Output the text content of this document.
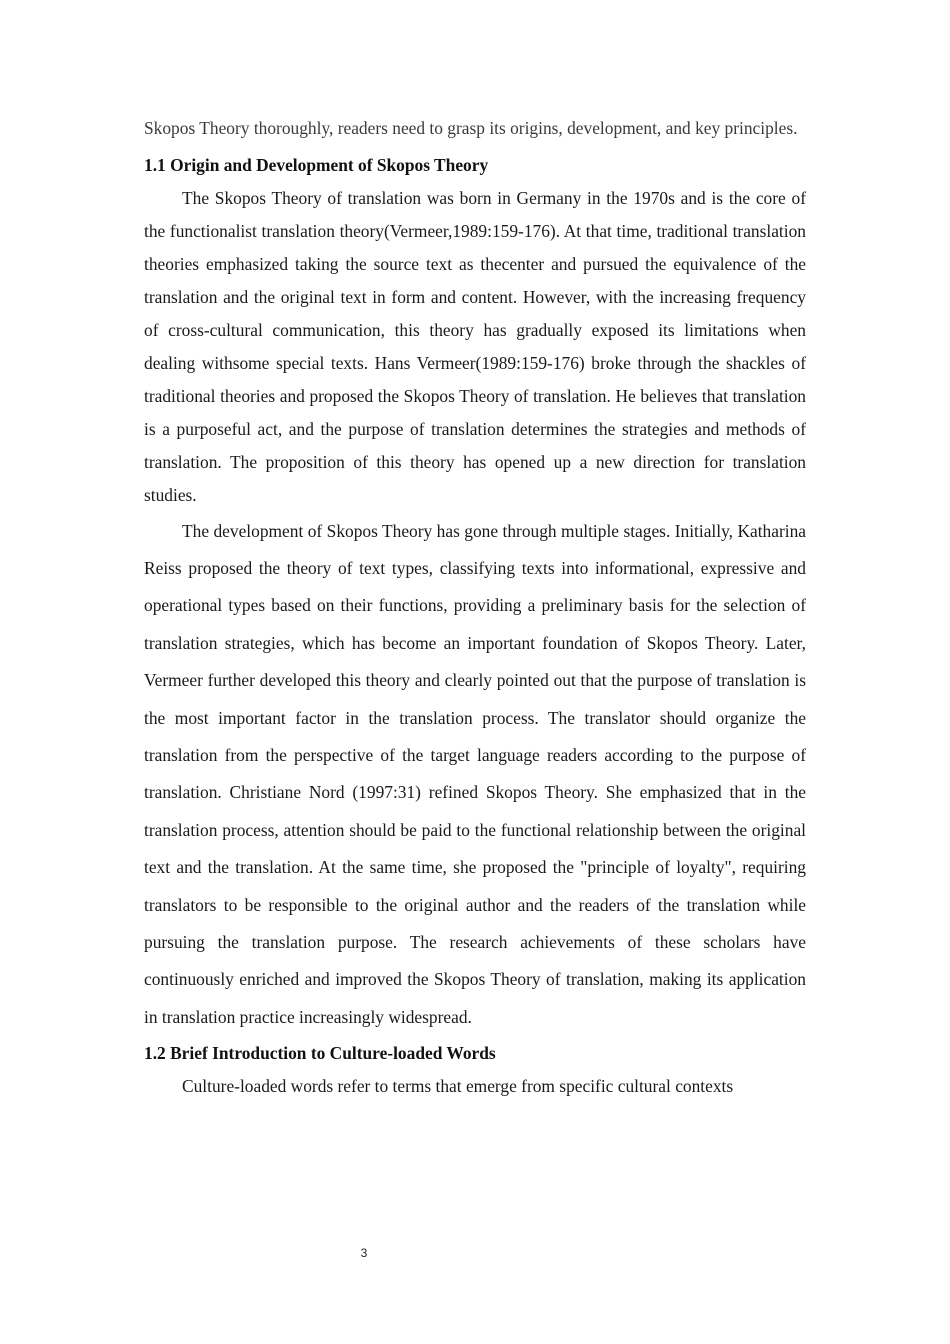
Skopos Theory thoroughly, readers need to grasp its origins, development, and key principles.

1.1 Origin and Development of Skopos Theory

The Skopos Theory of translation was born in Germany in the 1970s and is the core of the functionalist translation theory(Vermeer,1989:159-176). At that time, traditional translation theories emphasized taking the source text as thecenter and pursued the equivalence of the translation and the original text in form and content. However, with the increasing frequency of cross-cultural communication, this theory has gradually exposed its limitations when dealing withsome special texts. Hans Vermeer(1989:159-176) broke through the shackles of traditional theories and proposed the Skopos Theory of translation. He believes that translation is a purposeful act, and the purpose of translation determines the strategies and methods of translation. The proposition of this theory has opened up a new direction for translation studies.

The development of Skopos Theory has gone through multiple stages. Initially, Katharina Reiss proposed the theory of text types, classifying texts into informational, expressive and operational types based on their functions, providing a preliminary basis for the selection of translation strategies, which has become an important foundation of Skopos Theory. Later, Vermeer further developed this theory and clearly pointed out that the purpose of translation is the most important factor in the translation process. The translator should organize the translation from the perspective of the target language readers according to the purpose of translation. Christiane Nord (1997:31) refined Skopos Theory. She emphasized that in the translation process, attention should be paid to the functional relationship between the original text and the translation. At the same time, she proposed the "principle of loyalty", requiring translators to be responsible to the original author and the readers of the translation while pursuing the translation purpose. The research achievements of these scholars have continuously enriched and improved the Skopos Theory of translation, making its application in translation practice increasingly widespread.

1.2 Brief Introduction to Culture-loaded Words

Culture-loaded words refer to terms that emerge from specific cultural contexts

3
